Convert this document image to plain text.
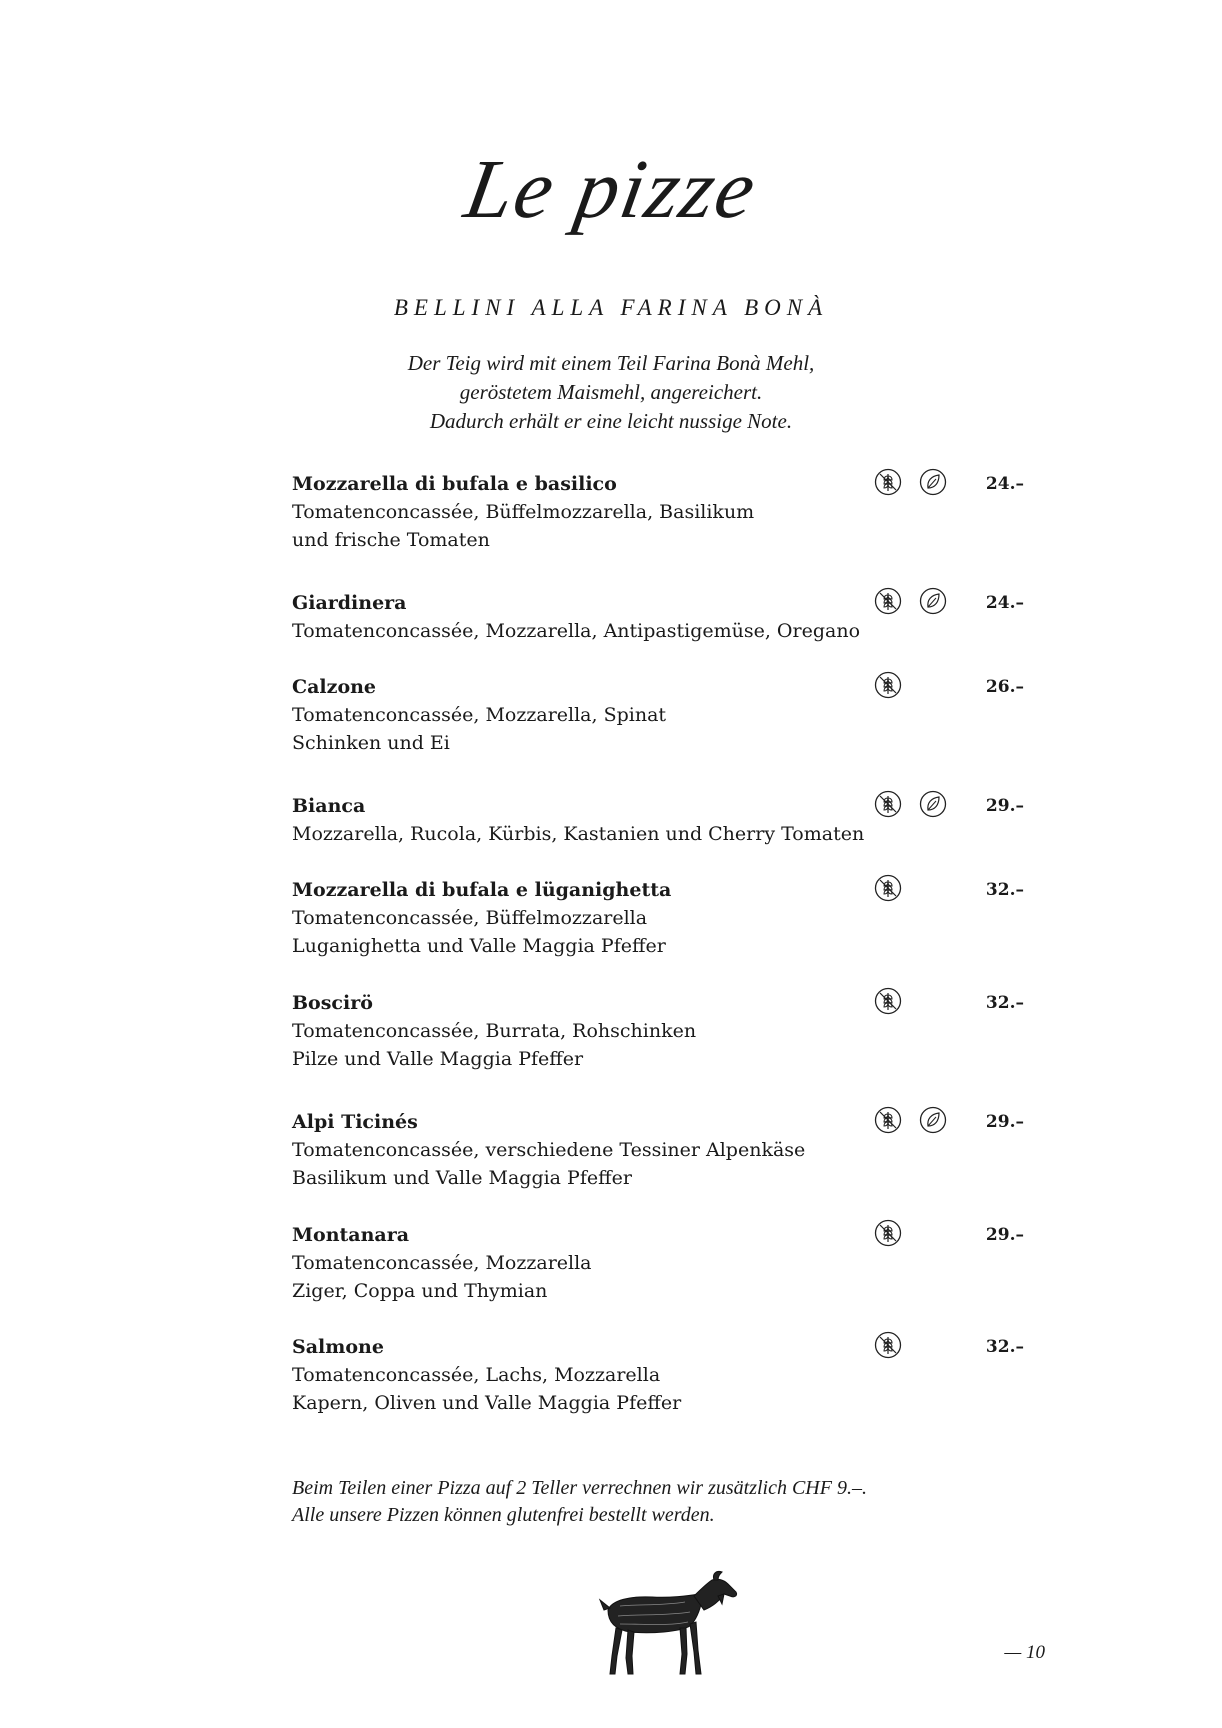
Le pizze
BELLINI ALLA FARINA BONÀ
Der Teig wird mit einem Teil Farina Bonà Mehl,
geröstetem Maismehl, angereichert.
Dadurch erhält er eine leicht nussige Note.
Mozzarella di bufala e basilico
Tomatenconcassée, Büffelmozzarella, Basilikum
und frische Tomaten
24.–
Giardinera
Tomatenconcassée, Mozzarella, Antipastigemüse, Oregano
24.–
Calzone
Tomatenconcassée, Mozzarella, Spinat
Schinken und Ei
26.–
Bianca
Mozzarella, Rucola, Kürbis, Kastanien und Cherry Tomaten
29.–
Mozzarella di bufala e lüganighetta
Tomatenconcassée, Büffelmozzarella
Luganighetta und Valle Maggia Pfeffer
32.–
Boscirö
Tomatenconcassée, Burrata, Rohschinken
Pilze und Valle Maggia Pfeffer
32.–
Alpi Ticinés
Tomatenconcassée, verschiedene Tessiner Alpenkäse
Basilikum und Valle Maggia Pfeffer
29.–
Montanara
Tomatenconcassée, Mozzarella
Ziger, Coppa und Thymian
29.–
Salmone
Tomatenconcassée, Lachs, Mozzarella
Kapern, Oliven und Valle Maggia Pfeffer
32.–
Beim Teilen einer Pizza auf 2 Teller verrechnen wir zusätzlich CHF 9.–.
Alle unsere Pizzen können glutenfrei bestellt werden.
— 10
